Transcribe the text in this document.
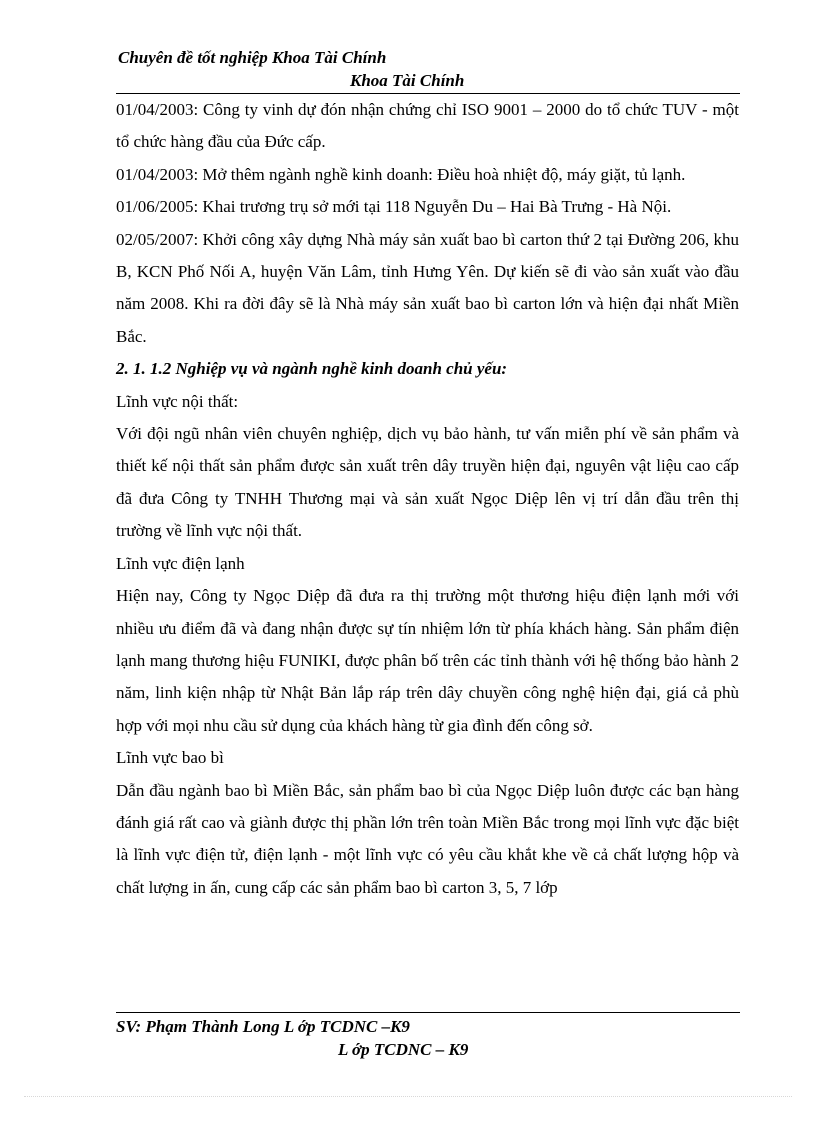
Chuyên đề tốt nghiệp Khoa Tài Chính
Khoa Tài Chính

01/04/2003: Công ty vinh dự đón nhận chứng chỉ ISO 9001 – 2000 do tổ chức TUV - một tổ chức hàng đầu của Đức cấp.

01/04/2003: Mở thêm ngành nghề kinh doanh: Điều hoà nhiệt độ, máy giặt, tủ lạnh.

01/06/2005: Khai trương trụ sở mới tại 118 Nguyễn Du – Hai Bà Trưng - Hà Nội.

02/05/2007: Khởi công xây dựng Nhà máy sản xuất bao bì carton thứ 2 tại Đường 206, khu B, KCN Phố Nối A, huyện Văn Lâm, tỉnh Hưng Yên. Dự kiến sẽ đi vào sản xuất vào đầu năm 2008. Khi ra đời đây sẽ là Nhà máy sản xuất bao bì carton lớn và hiện đại nhất Miền Bắc.

2. 1. 1.2 Nghiệp vụ và ngành nghề kinh doanh chủ yếu:

Lĩnh vực nội thất:

Với đội ngũ nhân viên chuyên nghiệp, dịch vụ bảo hành, tư vấn miễn phí về sản phẩm và thiết kế nội thất sản phẩm được sản xuất trên dây truyền hiện đại, nguyên vật liệu cao cấp đã đưa Công ty TNHH Thương mại và sản xuất Ngọc Diệp lên vị trí dẫn đầu trên thị trường về lĩnh vực nội thất.

Lĩnh vực điện lạnh

Hiện nay, Công ty Ngọc Diệp đã đưa ra thị trường một thương hiệu điện lạnh mới với nhiều ưu điểm đã và đang nhận được sự tín nhiệm lớn từ phía khách hàng. Sản phẩm điện lạnh mang thương hiệu FUNIKI, được phân bố trên các tỉnh thành với hệ thống bảo hành 2 năm, linh kiện nhập từ Nhật Bản lắp ráp trên dây chuyền công nghệ hiện đại, giá cả phù hợp với mọi nhu cầu sử dụng của khách hàng từ gia đình đến công sở.

Lĩnh vực bao bì

Dẫn đầu ngành bao bì Miền Bắc, sản phẩm bao bì của Ngọc Diệp luôn được các bạn hàng đánh giá rất cao và giành được thị phần lớn trên toàn Miền Bắc trong mọi lĩnh vực đặc biệt là lĩnh vực điện tử, điện lạnh - một lĩnh vực có yêu cầu khắt khe về cả chất lượng hộp và chất lượng in ấn, cung cấp các sản phẩm bao bì carton 3, 5, 7 lớp

SV: Phạm Thành Long L ớp TCDNC –K9
L ớp TCDNC – K9
